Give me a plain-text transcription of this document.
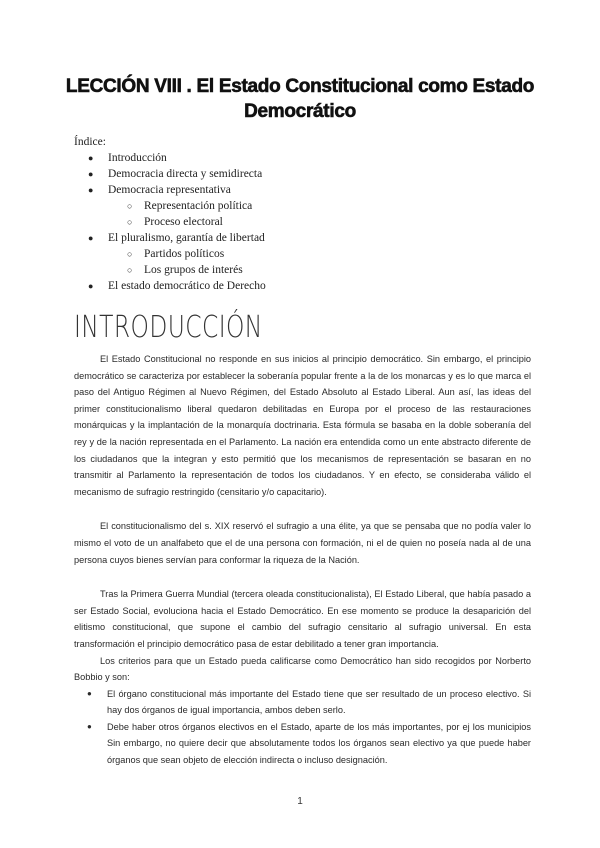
LECCIÓN VIII . El Estado Constitucional como Estado Democrático
Índice:
● Introducción
● Democracia directa y semidirecta
● Democracia representativa
○ Representación política
○ Proceso electoral
● El pluralismo, garantía de libertad
○ Partidos políticos
○ Los grupos de interés
● El estado democrático de Derecho
INTRODUCCIÓN

El Estado Constitucional no responde en sus inicios al principio democrático. Sin embargo, el principio democrático se caracteriza por establecer la soberanía popular frente a la de los monarcas y es lo que marca el paso del Antiguo Régimen al Nuevo Régimen, del Estado Absoluto al Estado Liberal. Aun así, las ideas del primer constitucionalismo liberal quedaron debilitadas en Europa por el proceso de las restauraciones monárquicas y la implantación de la monarquía doctrinaria. Esta fórmula se basaba en la doble soberanía del rey y de la nación representada en el Parlamento. La nación era entendida como un ente abstracto diferente de los ciudadanos que la integran y esto permitió que los mecanismos de representación se basaran en no transmitir al Parlamento la representación de todos los ciudadanos. Y en efecto, se consideraba válido el mecanismo de sufragio restringido (censitario y/o capacitario).

El constitucionalismo del s. XIX reservó el sufragio a una élite, ya que se pensaba que no podía valer lo mismo el voto de un analfabeto que el de una persona con formación, ni el de quien no poseía nada al de una persona cuyos bienes servían para conformar la riqueza de la Nación.

Tras la Primera Guerra Mundial (tercera oleada constitucionalista), El Estado Liberal, que había pasado a ser Estado Social, evoluciona hacia el Estado Democrático. En ese momento se produce la desaparición del elitismo constitucional, que supone el cambio del sufragio censitario al sufragio universal. En esta transformación el principio democrático pasa de estar debilitado a tener gran importancia.

Los criterios para que un Estado pueda calificarse como Democrático han sido recogidos por Norberto Bobbio y son:

● El órgano constitucional más importante del Estado tiene que ser resultado de un proceso electivo. Si hay dos órganos de igual importancia, ambos deben serlo.
● Debe haber otros órganos electivos en el Estado, aparte de los más importantes, por ej los municipios Sin embargo, no quiere decir que absolutamente todos los órganos sean electivo ya que puede haber órganos que sean objeto de elección indirecta o incluso designación.
1
